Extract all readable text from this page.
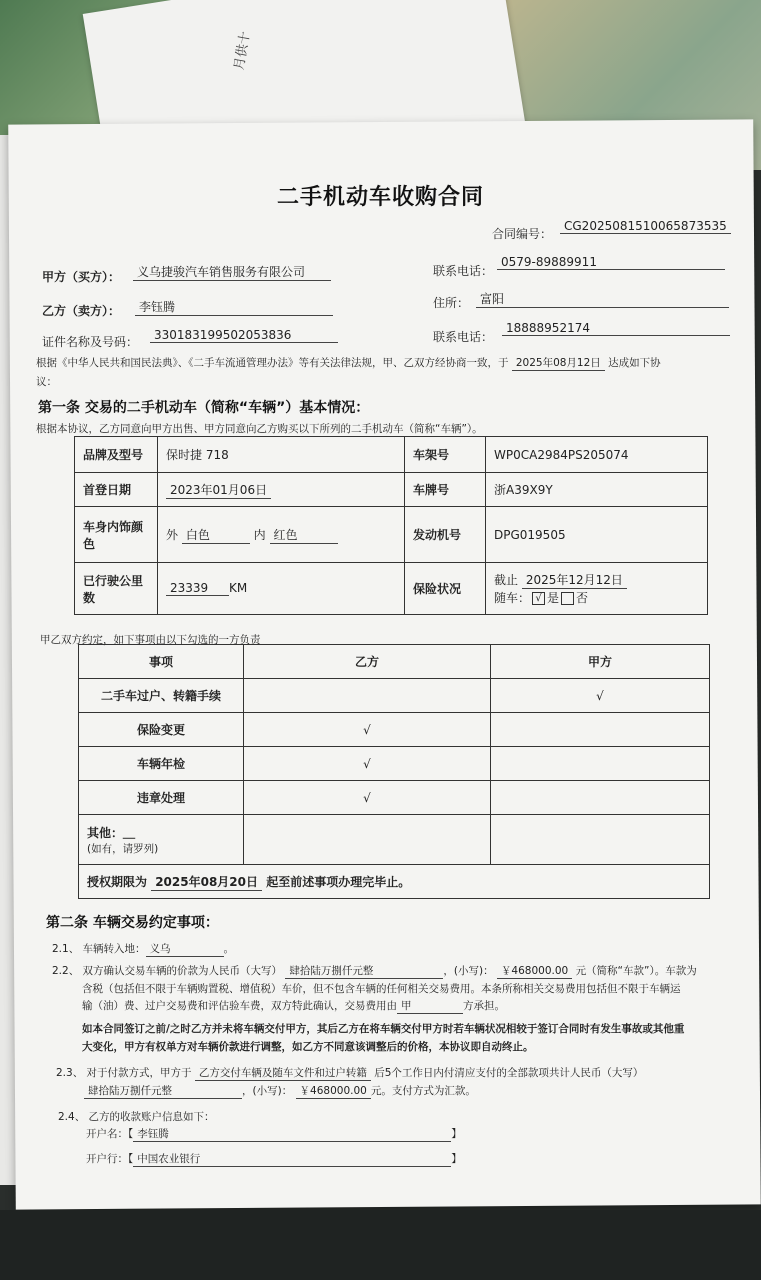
月供十
二手机动车收购合同
合同编号：
CG2025081510065873535
甲方（买方）：	义乌捷骏汽车销售服务有限公司	联系电话：
0579-89889911
乙方（卖方）：	李钰腾	住所： 富阳
证件名称及号码：	330183199502053836	联系电话：
18888952174
根据《中华人民共和国民法典》、《二手车流通管理办法》等有关法律法规，甲、乙双方经协商一致，于 2025年08月12日 达成如下协
议：
第一条 交易的二手机动车（简称“车辆”）基本情况：
根据本协议，乙方同意向甲方出售、甲方同意向乙方购买以下所列的二手机动车（简称“车辆”）。
品牌及型号	保时捷 718	车架号	WP0CA2984PS205074
首登日期	2023年01月06日	车牌号	浙A39X9Y
车身内饰颜色	外 白色 内 红色	发动机号	DPG019505
已行驶公里数	23339 KM	保险状况	截止 2025年12月12日
随车： √ 是 否
甲乙双方约定，如下事项由以下勾选的一方负责
事项	乙方	甲方
二手车过户、转籍手续		√
保险变更	√	
车辆年检	√	
违章处理	√	

其他：＿
(如有，请罗列)		

授权期限为 2025年08月20日 起至前述事项办理完毕止。		
第二条 车辆交易约定事项：
2.1、 车辆转入地： 义乌	。
2.2、 双方确认交易车辆的价款为人民币（大写） 肆拾陆万捌仟元整	，(小写)： ￥468000.00 元（简称“车款”）。车款为
含税（包括但不限于车辆购置税、增值税）车价，但不包含车辆的任何相关交易费用。本条所称相关交易费用包括但不限于车辆运
输（油）费、过户交易费和评估验车费，双方特此确认，交易费用由 甲	方承担。
如本合同签订之前/之时乙方并未将车辆交付甲方，其后乙方在将车辆交付甲方时若车辆状况相较于签订合同时有发生事故或其他重
大变化，甲方有权单方对车辆价款进行调整，如乙方不同意该调整后的价格，本协议即自动终止。
2.3、 对于付款方式，甲方于 乙方交付车辆及随车文件和过户转籍 后5个工作日内付清应支付的全部款项共计人民币（大写）
肆拾陆万捌仟元整	，(小写)： ￥468000.00 元。支付方式为汇款。
2.4、 乙方的收款账户信息如下：
开户名：【 李钰腾	】
开户行：【 中国农业银行	】
